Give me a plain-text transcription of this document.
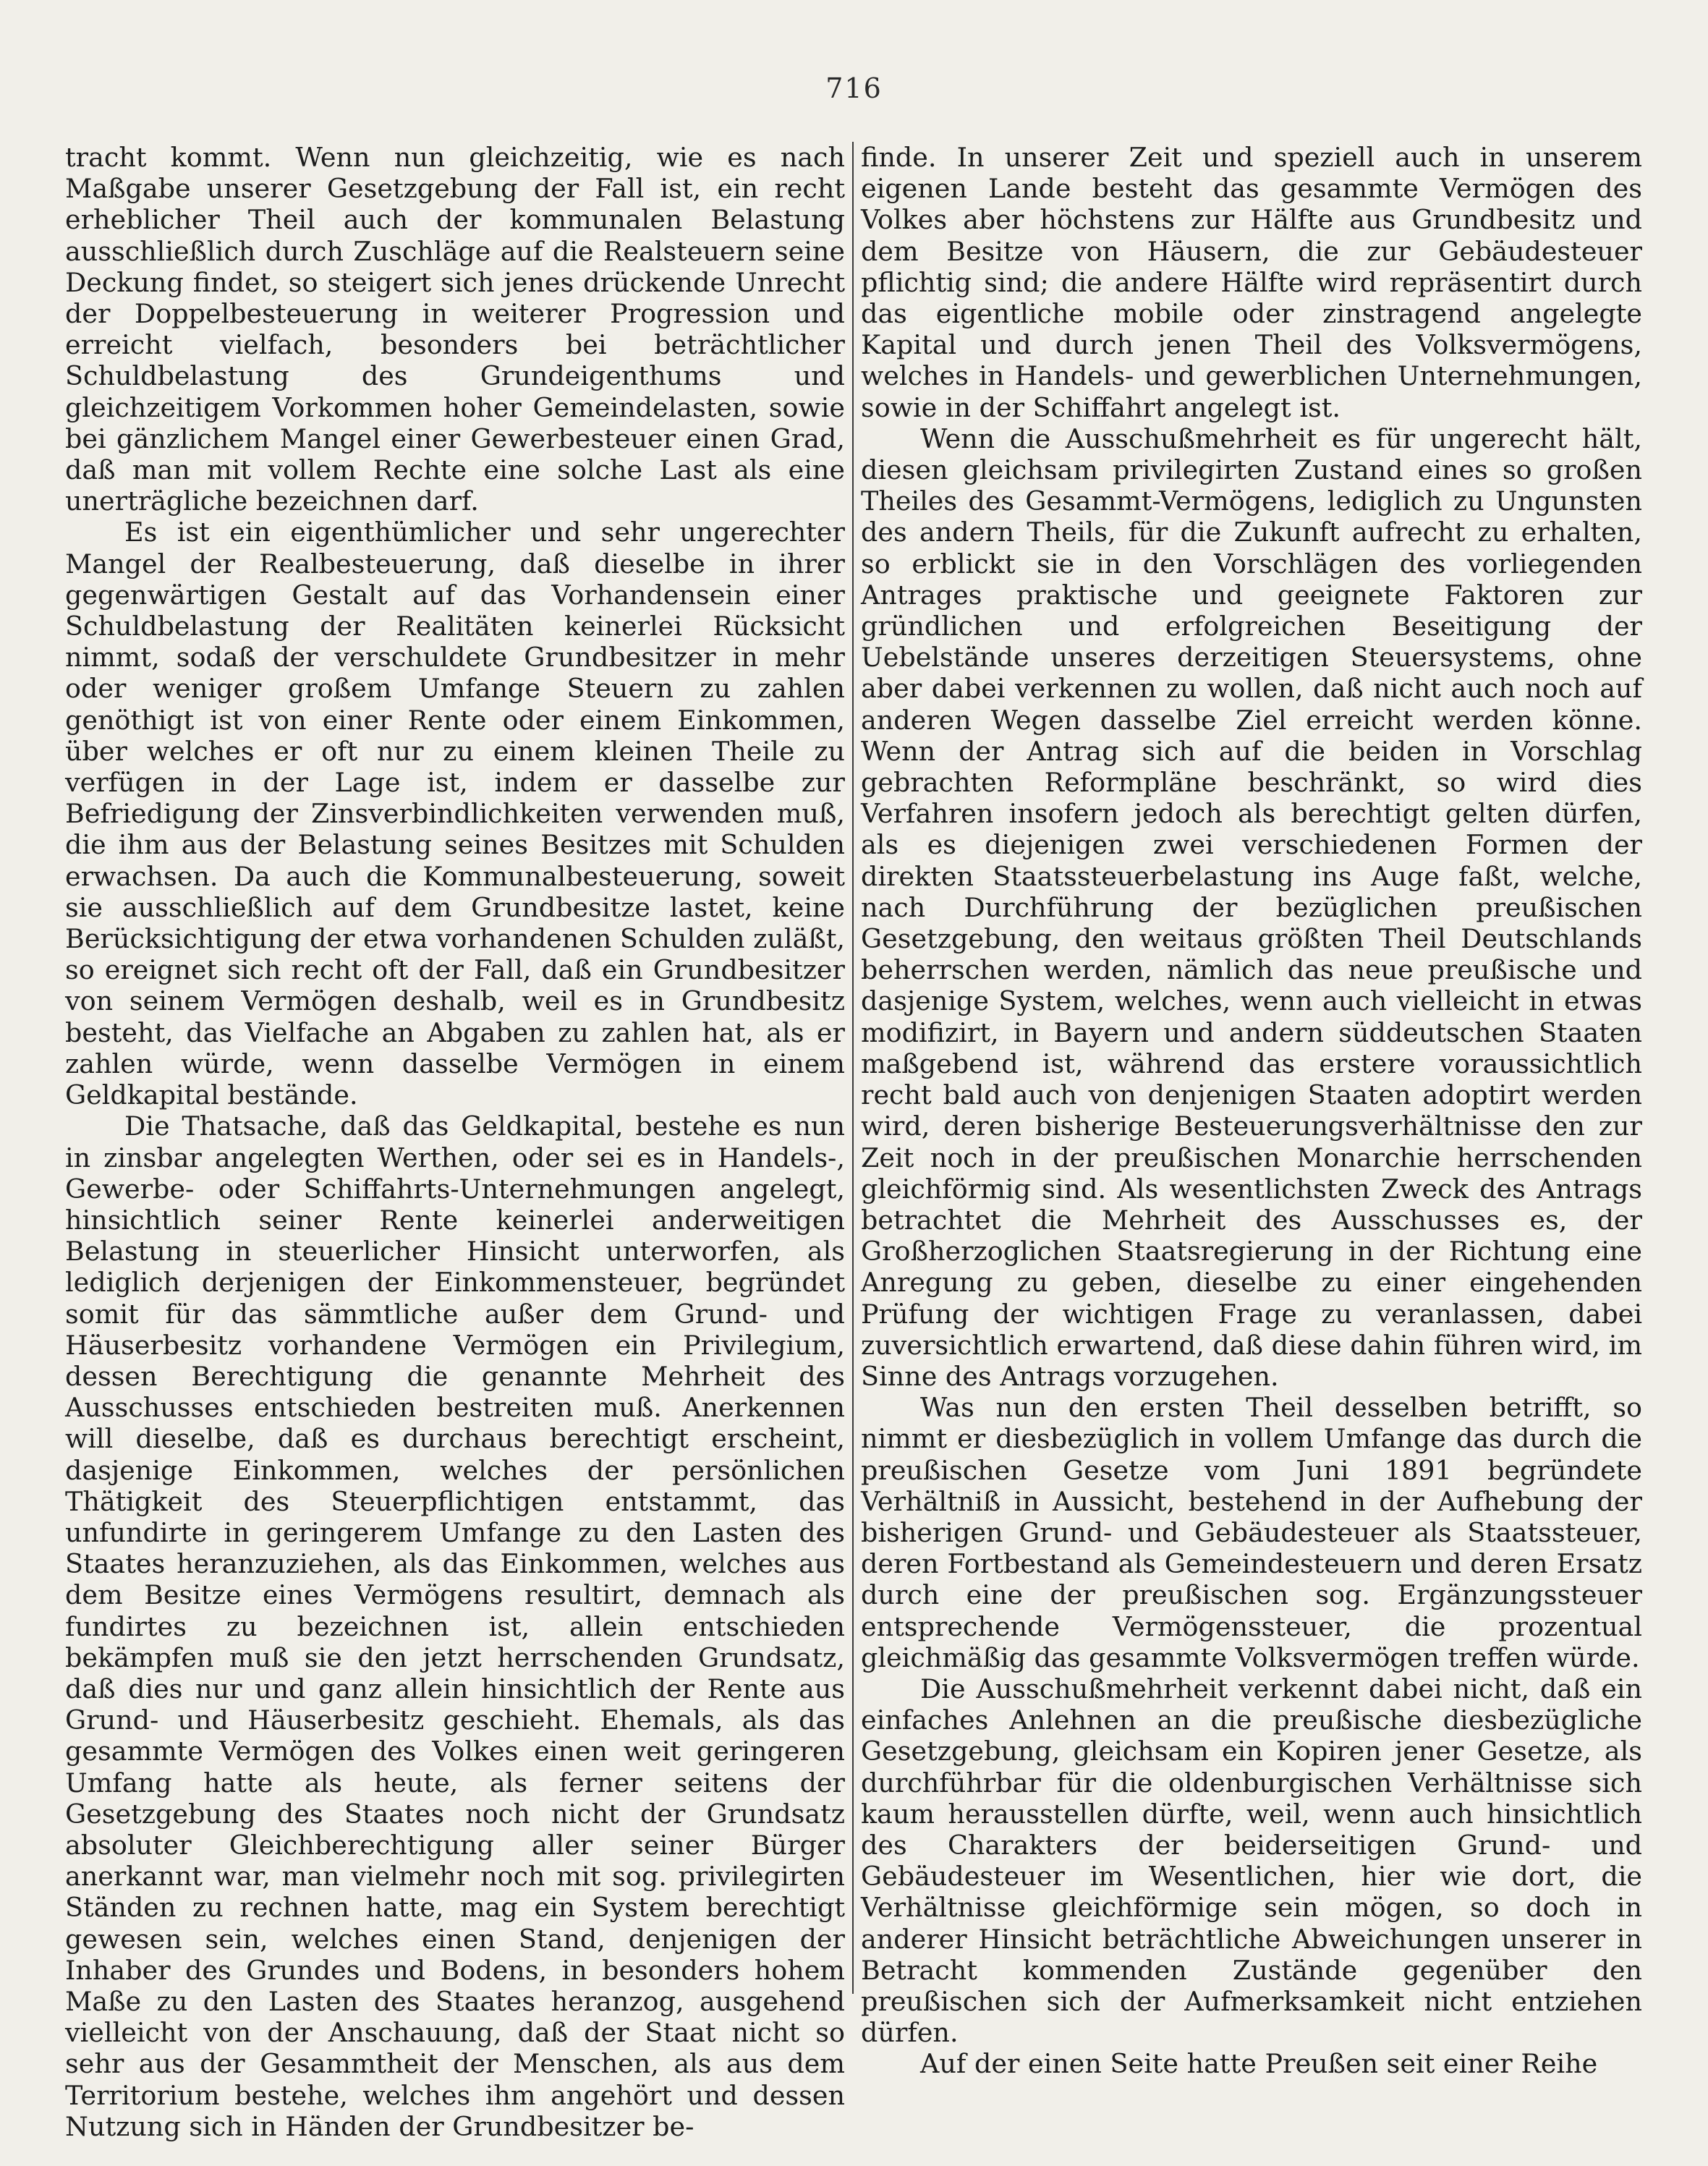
716

tracht kommt. Wenn nun gleichzeitig, wie es nach Maßgabe unserer Gesetzgebung der Fall ist, ein recht erheblicher Theil auch der kommunalen Belastung ausschließlich durch Zuschläge auf die Realsteuern seine Deckung findet, so steigert sich jenes drückende Unrecht der Doppelbesteuerung in weiterer Progression und erreicht vielfach, besonders bei beträchtlicher Schuldbelastung des Grundeigenthums und gleichzeitigem Vorkommen hoher Gemeindelasten, sowie bei gänzlichem Mangel einer Gewerbesteuer einen Grad, daß man mit vollem Rechte eine solche Last als eine unerträgliche bezeichnen darf.

Es ist ein eigenthümlicher und sehr ungerechter Mangel der Realbesteuerung, daß dieselbe in ihrer gegenwärtigen Gestalt auf das Vorhandensein einer Schuldbelastung der Realitäten keinerlei Rücksicht nimmt, sodaß der verschuldete Grundbesitzer in mehr oder weniger großem Umfange Steuern zu zahlen genöthigt ist von einer Rente oder einem Einkommen, über welches er oft nur zu einem kleinen Theile zu verfügen in der Lage ist, indem er dasselbe zur Befriedigung der Zinsverbindlichkeiten verwenden muß, die ihm aus der Belastung seines Besitzes mit Schulden erwachsen. Da auch die Kommunalbesteuerung, soweit sie ausschließlich auf dem Grundbesitze lastet, keine Berücksichtigung der etwa vorhandenen Schulden zuläßt, so ereignet sich recht oft der Fall, daß ein Grundbesitzer von seinem Vermögen deshalb, weil es in Grundbesitz besteht, das Vielfache an Abgaben zu zahlen hat, als er zahlen würde, wenn dasselbe Vermögen in einem Geldkapital bestände.

Die Thatsache, daß das Geldkapital, bestehe es nun in zinsbar angelegten Werthen, oder sei es in Handels-, Gewerbe- oder Schiffahrts-Unternehmungen angelegt, hinsichtlich seiner Rente keinerlei anderweitigen Belastung in steuerlicher Hinsicht unterworfen, als lediglich derjenigen der Einkommensteuer, begründet somit für das sämmtliche außer dem Grund- und Häuserbesitz vorhandene Vermögen ein Privilegium, dessen Berechtigung die genannte Mehrheit des Ausschusses entschieden bestreiten muß. Anerkennen will dieselbe, daß es durchaus berechtigt erscheint, dasjenige Einkommen, welches der persönlichen Thätigkeit des Steuerpflichtigen entstammt, das unfundirte in geringerem Umfange zu den Lasten des Staates heranzuziehen, als das Einkommen, welches aus dem Besitze eines Vermögens resultirt, demnach als fundirtes zu bezeichnen ist, allein entschieden bekämpfen muß sie den jetzt herrschenden Grundsatz, daß dies nur und ganz allein hinsichtlich der Rente aus Grund- und Häuserbesitz geschieht. Ehemals, als das gesammte Vermögen des Volkes einen weit geringeren Umfang hatte als heute, als ferner seitens der Gesetzgebung des Staates noch nicht der Grundsatz absoluter Gleichberechtigung aller seiner Bürger anerkannt war, man vielmehr noch mit sog. privilegirten Ständen zu rechnen hatte, mag ein System berechtigt gewesen sein, welches einen Stand, denjenigen der Inhaber des Grundes und Bodens, in besonders hohem Maße zu den Lasten des Staates heranzog, ausgehend vielleicht von der Anschauung, daß der Staat nicht so sehr aus der Gesammtheit der Menschen, als aus dem Territorium bestehe, welches ihm angehört und dessen Nutzung sich in Händen der Grundbesitzer be-

finde. In unserer Zeit und speziell auch in unserem eigenen Lande besteht das gesammte Vermögen des Volkes aber höchstens zur Hälfte aus Grundbesitz und dem Besitze von Häusern, die zur Gebäudesteuer pflichtig sind; die andere Hälfte wird repräsentirt durch das eigentliche mobile oder zinstragend angelegte Kapital und durch jenen Theil des Volksvermögens, welches in Handels- und gewerblichen Unternehmungen, sowie in der Schiffahrt angelegt ist.

Wenn die Ausschußmehrheit es für ungerecht hält, diesen gleichsam privilegirten Zustand eines so großen Theiles des Gesammt-Vermögens, lediglich zu Ungunsten des andern Theils, für die Zukunft aufrecht zu erhalten, so erblickt sie in den Vorschlägen des vorliegenden Antrages praktische und geeignete Faktoren zur gründlichen und erfolgreichen Beseitigung der Uebelstände unseres derzeitigen Steuersystems, ohne aber dabei verkennen zu wollen, daß nicht auch noch auf anderen Wegen dasselbe Ziel erreicht werden könne. Wenn der Antrag sich auf die beiden in Vorschlag gebrachten Reformpläne beschränkt, so wird dies Verfahren insofern jedoch als berechtigt gelten dürfen, als es diejenigen zwei verschiedenen Formen der direkten Staatssteuerbelastung ins Auge faßt, welche, nach Durchführung der bezüglichen preußischen Gesetzgebung, den weitaus größten Theil Deutschlands beherrschen werden, nämlich das neue preußische und dasjenige System, welches, wenn auch vielleicht in etwas modifizirt, in Bayern und andern süddeutschen Staaten maßgebend ist, während das erstere voraussichtlich recht bald auch von denjenigen Staaten adoptirt werden wird, deren bisherige Besteuerungsverhältnisse den zur Zeit noch in der preußischen Monarchie herrschenden gleichförmig sind. Als wesentlichsten Zweck des Antrags betrachtet die Mehrheit des Ausschusses es, der Großherzoglichen Staatsregierung in der Richtung eine Anregung zu geben, dieselbe zu einer eingehenden Prüfung der wichtigen Frage zu veranlassen, dabei zuversichtlich erwartend, daß diese dahin führen wird, im Sinne des Antrags vorzugehen.

Was nun den ersten Theil desselben betrifft, so nimmt er diesbezüglich in vollem Umfange das durch die preußischen Gesetze vom Juni 1891 begründete Verhältniß in Aussicht, bestehend in der Aufhebung der bisherigen Grund- und Gebäudesteuer als Staatssteuer, deren Fortbestand als Gemeindesteuern und deren Ersatz durch eine der preußischen sog. Ergänzungssteuer entsprechende Vermögenssteuer, die prozentual gleichmäßig das gesammte Volksvermögen treffen würde.

Die Ausschußmehrheit verkennt dabei nicht, daß ein einfaches Anlehnen an die preußische diesbezügliche Gesetzgebung, gleichsam ein Kopiren jener Gesetze, als durchführbar für die oldenburgischen Verhältnisse sich kaum herausstellen dürfte, weil, wenn auch hinsichtlich des Charakters der beiderseitigen Grund- und Gebäudesteuer im Wesentlichen, hier wie dort, die Verhältnisse gleichförmige sein mögen, so doch in anderer Hinsicht beträchtliche Abweichungen unserer in Betracht kommenden Zustände gegenüber den preußischen sich der Aufmerksamkeit nicht entziehen dürfen.

Auf der einen Seite hatte Preußen seit einer Reihe
